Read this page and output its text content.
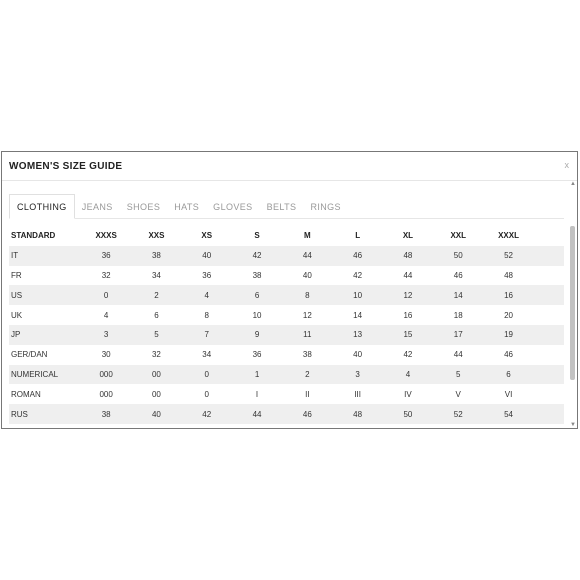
WOMEN'S SIZE GUIDE	x
CLOTHING	JEANS	SHOES	HATS	GLOVES	BELTS	RINGS
STANDARD	XXXS	XXS	XS	S	M	L	XL	XXL	XXXL
IT	36	38	40	42	44	46	48	50	52
FR	32	34	36	38	40	42	44	46	48
US	0	2	4	6	8	10	12	14	16
UK	4	6	8	10	12	14	16	18	20
JP	3	5	7	9	11	13	15	17	19
GER/DAN	30	32	34	36	38	40	42	44	46
NUMERICAL	000	00	0	1	2	3	4	5	6
ROMAN	000	00	0	I	II	III	IV	V	VI
RUS	38	40	42	44	46	48	50	52	54
▲
▼
